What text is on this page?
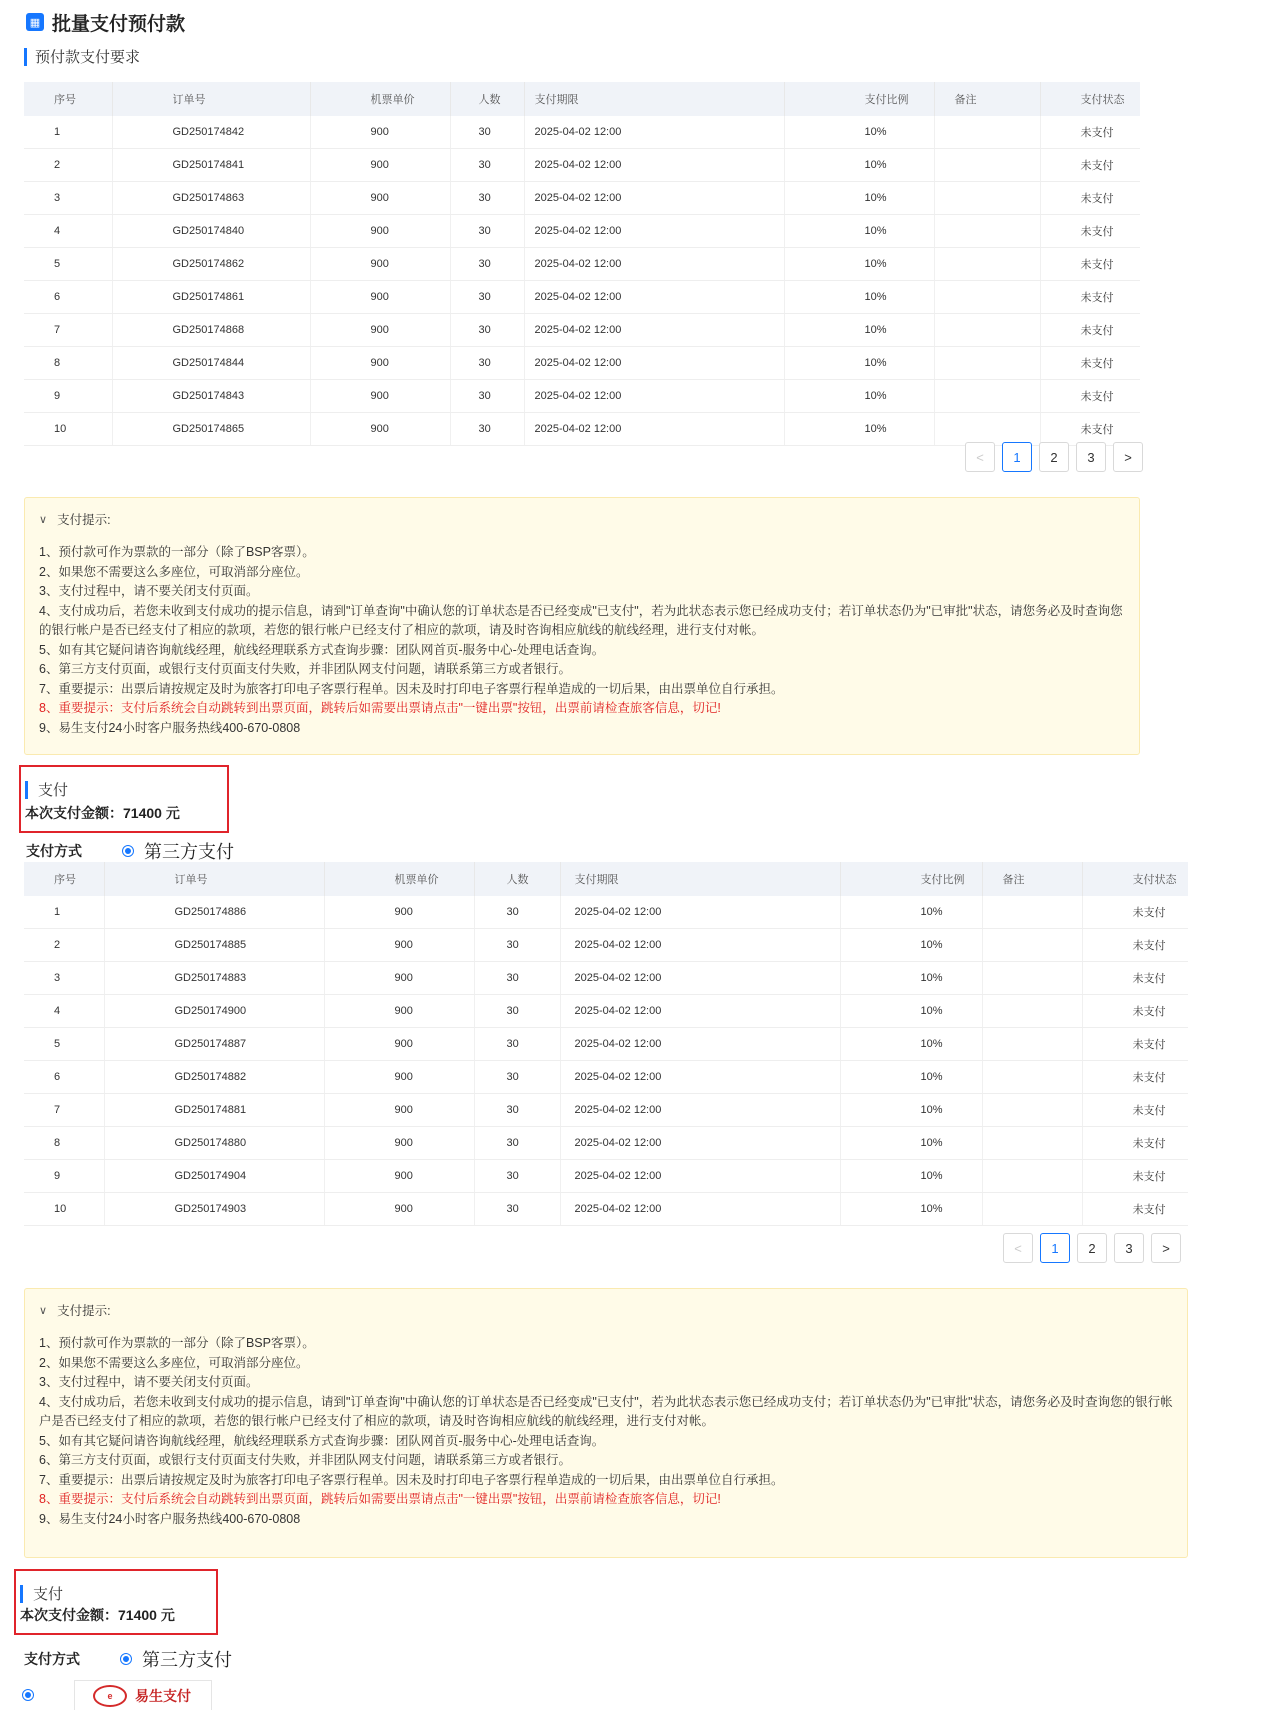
▦ 批量支付预付款
预付款支付要求
序号	订单号	机票单价	人数	支付期限	支付比例	备注	支付状态
1	GD250174842	900	30	2025-04-02 12:00	10%		未支付
2	GD250174841	900	30	2025-04-02 12:00	10%		未支付
3	GD250174863	900	30	2025-04-02 12:00	10%		未支付
4	GD250174840	900	30	2025-04-02 12:00	10%		未支付
5	GD250174862	900	30	2025-04-02 12:00	10%		未支付
6	GD250174861	900	30	2025-04-02 12:00	10%		未支付
7	GD250174868	900	30	2025-04-02 12:00	10%		未支付
8	GD250174844	900	30	2025-04-02 12:00	10%		未支付
9	GD250174843	900	30	2025-04-02 12:00	10%		未支付
10	GD250174865	900	30	2025-04-02 12:00	10%		未支付
<	1	2	3	>
∨ 支付提示:
1、预付款可作为票款的一部分（除了BSP客票）。
2、如果您不需要这么多座位，可取消部分座位。
3、支付过程中，请不要关闭支付页面。
4、支付成功后，若您未收到支付成功的提示信息，请到"订单查询"中确认您的订单状态是否已经变成"已支付"，若为此状态表示您已经成功支付；若订单状态仍为"已审批"状态，请您务必及时查询您的银行帐户是否已经支付了相应的款项，若您的银行帐户已经支付了相应的款项，请及时咨询相应航线的航线经理，进行支付对帐。
5、如有其它疑问请咨询航线经理，航线经理联系方式查询步骤：团队网首页-服务中心-处理电话查询。
6、第三方支付页面，或银行支付页面支付失败，并非团队网支付问题，请联系第三方或者银行。
7、重要提示：出票后请按规定及时为旅客打印电子客票行程单。因未及时打印电子客票行程单造成的一切后果，由出票单位自行承担。
8、重要提示：支付后系统会自动跳转到出票页面，跳转后如需要出票请点击"一键出票"按钮，出票前请检查旅客信息，切记!
9、易生支付24小时客户服务热线400-670-0808
支付
本次支付金额：71400 元
支付方式	第三方支付
序号	订单号	机票单价	人数	支付期限	支付比例	备注	支付状态
1	GD250174886	900	30	2025-04-02 12:00	10%		未支付
2	GD250174885	900	30	2025-04-02 12:00	10%		未支付
3	GD250174883	900	30	2025-04-02 12:00	10%		未支付
4	GD250174900	900	30	2025-04-02 12:00	10%		未支付
5	GD250174887	900	30	2025-04-02 12:00	10%		未支付
6	GD250174882	900	30	2025-04-02 12:00	10%		未支付
7	GD250174881	900	30	2025-04-02 12:00	10%		未支付
8	GD250174880	900	30	2025-04-02 12:00	10%		未支付
9	GD250174904	900	30	2025-04-02 12:00	10%		未支付
10	GD250174903	900	30	2025-04-02 12:00	10%		未支付
<	1	2	3	>
∨ 支付提示:
1、预付款可作为票款的一部分（除了BSP客票）。
2、如果您不需要这么多座位，可取消部分座位。
3、支付过程中，请不要关闭支付页面。
4、支付成功后，若您未收到支付成功的提示信息，请到"订单查询"中确认您的订单状态是否已经变成"已支付"，若为此状态表示您已经成功支付；若订单状态仍为"已审批"状态，请您务必及时查询您的银行帐户是否已经支付了相应的款项，若您的银行帐户已经支付了相应的款项，请及时咨询相应航线的航线经理，进行支付对帐。
5、如有其它疑问请咨询航线经理，航线经理联系方式查询步骤：团队网首页-服务中心-处理电话查询。
6、第三方支付页面，或银行支付页面支付失败，并非团队网支付问题，请联系第三方或者银行。
7、重要提示：出票后请按规定及时为旅客打印电子客票行程单。因未及时打印电子客票行程单造成的一切后果，由出票单位自行承担。
8、重要提示：支付后系统会自动跳转到出票页面，跳转后如需要出票请点击"一键出票"按钮，出票前请检查旅客信息，切记!
9、易生支付24小时客户服务热线400-670-0808
支付
本次支付金额：71400 元
支付方式	第三方支付
e	易生支付
